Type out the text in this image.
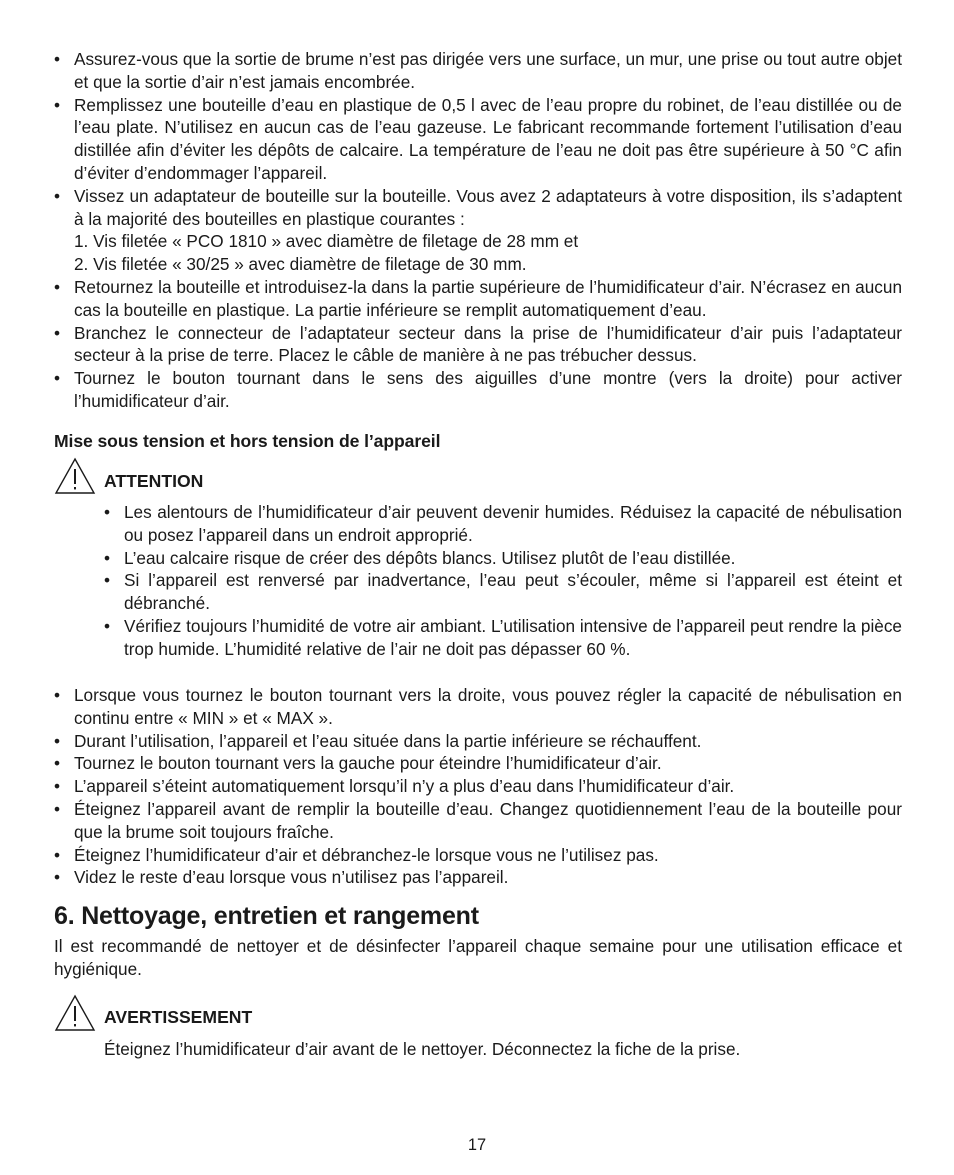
• Assurez-vous que la sortie de brume n’est pas dirigée vers une surface, un mur, une prise ou tout autre objet et que la sortie d’air n’est jamais encombrée.
• Remplissez une bouteille d’eau en plastique de 0,5 l avec de l’eau propre du robinet, de l’eau distillée ou de l’eau plate. N’utilisez en aucun cas de l’eau gazeuse. Le fabricant recommande fortement l’utilisation d’eau distillée afin d’éviter les dépôts de calcaire. La température de l’eau ne doit pas être supérieure à 50 °C afin d’éviter d’endommager l’appareil.
• Vissez un adaptateur de bouteille sur la bouteille. Vous avez 2 adaptateurs à votre disposition, ils s’adaptent à la majorité des bouteilles en plastique courantes :
1. Vis filetée « PCO 1810 » avec diamètre de filetage de 28 mm et
2. Vis filetée « 30/25 » avec diamètre de filetage de 30 mm.
• Retournez la bouteille et introduisez-la dans la partie supérieure de l’humidificateur d’air. N’écrasez en aucun cas la bouteille en plastique. La partie inférieure se remplit automatiquement d’eau.
• Branchez le connecteur de l’adaptateur secteur dans la prise de l’humidificateur d’air puis l’adaptateur secteur à la prise de terre. Placez le câble de manière à ne pas trébucher dessus.
• Tournez le bouton tournant dans le sens des aiguilles d’une montre (vers la droite) pour activer l’humidificateur d’air.
Mise sous tension et hors tension de l’appareil
ATTENTION
• Les alentours de l’humidificateur d’air peuvent devenir humides. Réduisez la capacité de nébulisation ou posez l’appareil dans un endroit approprié.
• L’eau calcaire risque de créer des dépôts blancs. Utilisez plutôt de l’eau distillée.
• Si l’appareil est renversé par inadvertance, l’eau peut s’écouler, même si l’appareil est éteint et débranché.
• Vérifiez toujours l’humidité de votre air ambiant. L’utilisation intensive de l’appareil peut rendre la pièce trop humide. L’humidité relative de l’air ne doit pas dépasser 60 %.
• Lorsque vous tournez le bouton tournant vers la droite, vous pouvez régler la capacité de nébulisation en continu entre « MIN » et « MAX ».
• Durant l’utilisation, l’appareil et l’eau située dans la partie inférieure se réchauffent.
• Tournez le bouton tournant vers la gauche pour éteindre l’humidificateur d’air.
• L’appareil s’éteint automatiquement lorsqu’il n’y a plus d’eau dans l’humidificateur d’air.
• Éteignez l’appareil avant de remplir la bouteille d’eau. Changez quotidiennement l’eau de la bouteille pour que la brume soit toujours fraîche.
• Éteignez l’humidificateur d’air et débranchez-le lorsque vous ne l’utilisez pas.
• Videz le reste d’eau lorsque vous n’utilisez pas l’appareil.
6. Nettoyage, entretien et rangement
Il est recommandé de nettoyer et de désinfecter l’appareil chaque semaine pour une utilisation efficace et hygiénique.
AVERTISSEMENT
Éteignez l’humidificateur d’air avant de le nettoyer. Déconnectez la fiche de la prise.
17
